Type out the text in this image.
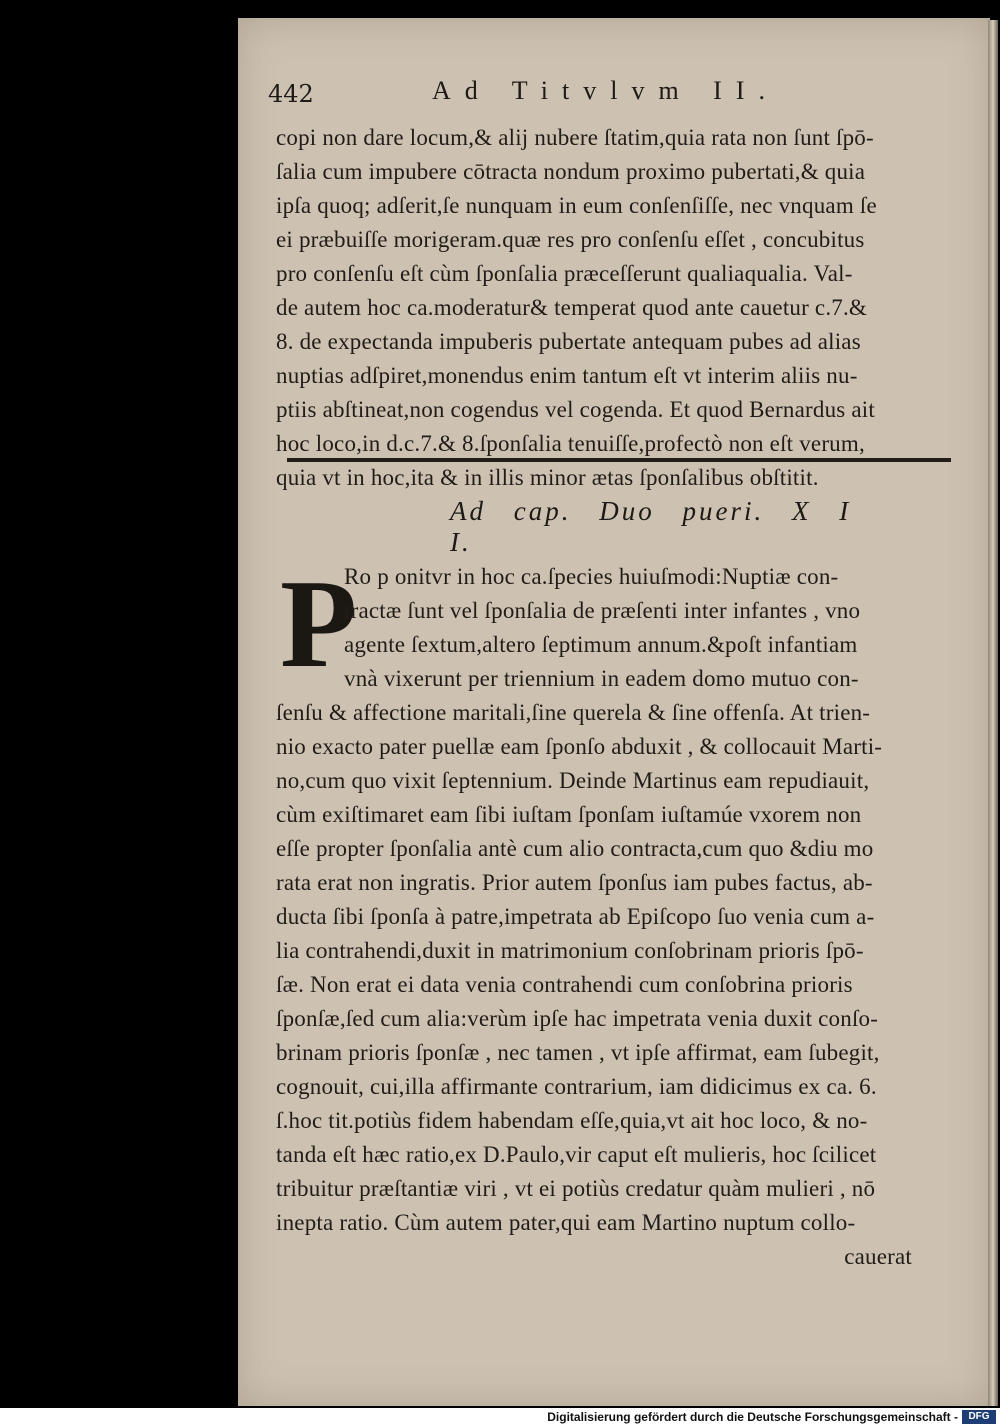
442	Ad Titvlvm II.
copi non dare locum,& alij nubere ſtatim,quia rata non ſunt ſpō-
ſalia cum impubere cōtracta nondum proximo pubertati,& quia
ipſa quoq; adſerit,ſe nunquam in eum conſenſiſſe, nec vnquam ſe
ei præbuiſſe morigeram.quæ res pro conſenſu eſſet , concubitus
pro conſenſu eſt cùm ſponſalia præceſſerunt qualiaqualia. Val-
de autem hoc ca.moderatur& temperat quod ante cauetur c.7.&
8. de expectanda impuberis pubertate antequam pubes ad alias
nuptias adſpiret,monendus enim tantum eſt vt interim aliis nu-
ptiis abſtineat,non cogendus vel cogenda. Et quod Bernardus ait
hoc loco,in d.c.7.& 8.ſponſalia tenuiſſe,profectò non eſt verum,
quia vt in hoc,ita & in illis minor ætas ſponſalibus obſtitit.
Ad cap. Duo pueri. X I I.
P
Ro p onitvr in hoc ca.ſpecies huiuſmodi:Nuptiæ con-
tractæ ſunt vel ſponſalia de præſenti inter infantes , vno
agente ſextum,altero ſeptimum annum.&poſt infantiam
vnà vixerunt per triennium in eadem domo mutuo con-
ſenſu & affectione maritali,ſine querela & ſine offenſa. At trien-
nio exacto pater puellæ eam ſponſo abduxit , & collocauit Marti-
no,cum quo vixit ſeptennium. Deinde Martinus eam repudiauit,
cùm exiſtimaret eam ſibi iuſtam ſponſam iuſtamúe vxorem non
eſſe propter ſponſalia antè cum alio contracta,cum quo &diu mo
rata erat non ingratis. Prior autem ſponſus iam pubes factus, ab-
ducta ſibi ſponſa à patre,impetrata ab Epiſcopo ſuo venia cum a-
lia contrahendi,duxit in matrimonium conſobrinam prioris ſpō-
ſæ. Non erat ei data venia contrahendi cum conſobrina prioris
ſponſæ,ſed cum alia:verùm ipſe hac impetrata venia duxit conſo-
brinam prioris ſponſæ , nec tamen , vt ipſe affirmat, eam ſubegit,
cognouit, cui,illa affirmante contrarium, iam didicimus ex ca. 6.
ſ.hoc tit.potiùs fidem habendam eſſe,quia,vt ait hoc loco, & no-
tanda eſt hæc ratio,ex D.Paulo,vir caput eſt mulieris, hoc ſcilicet
tribuitur præſtantiæ viri , vt ei potiùs credatur quàm mulieri , nō
inepta ratio. Cùm autem pater,qui eam Martino nuptum collo-
cauerat
Digitalisierung gefördert durch die Deutsche Forschungsgemeinschaft -	DFG
